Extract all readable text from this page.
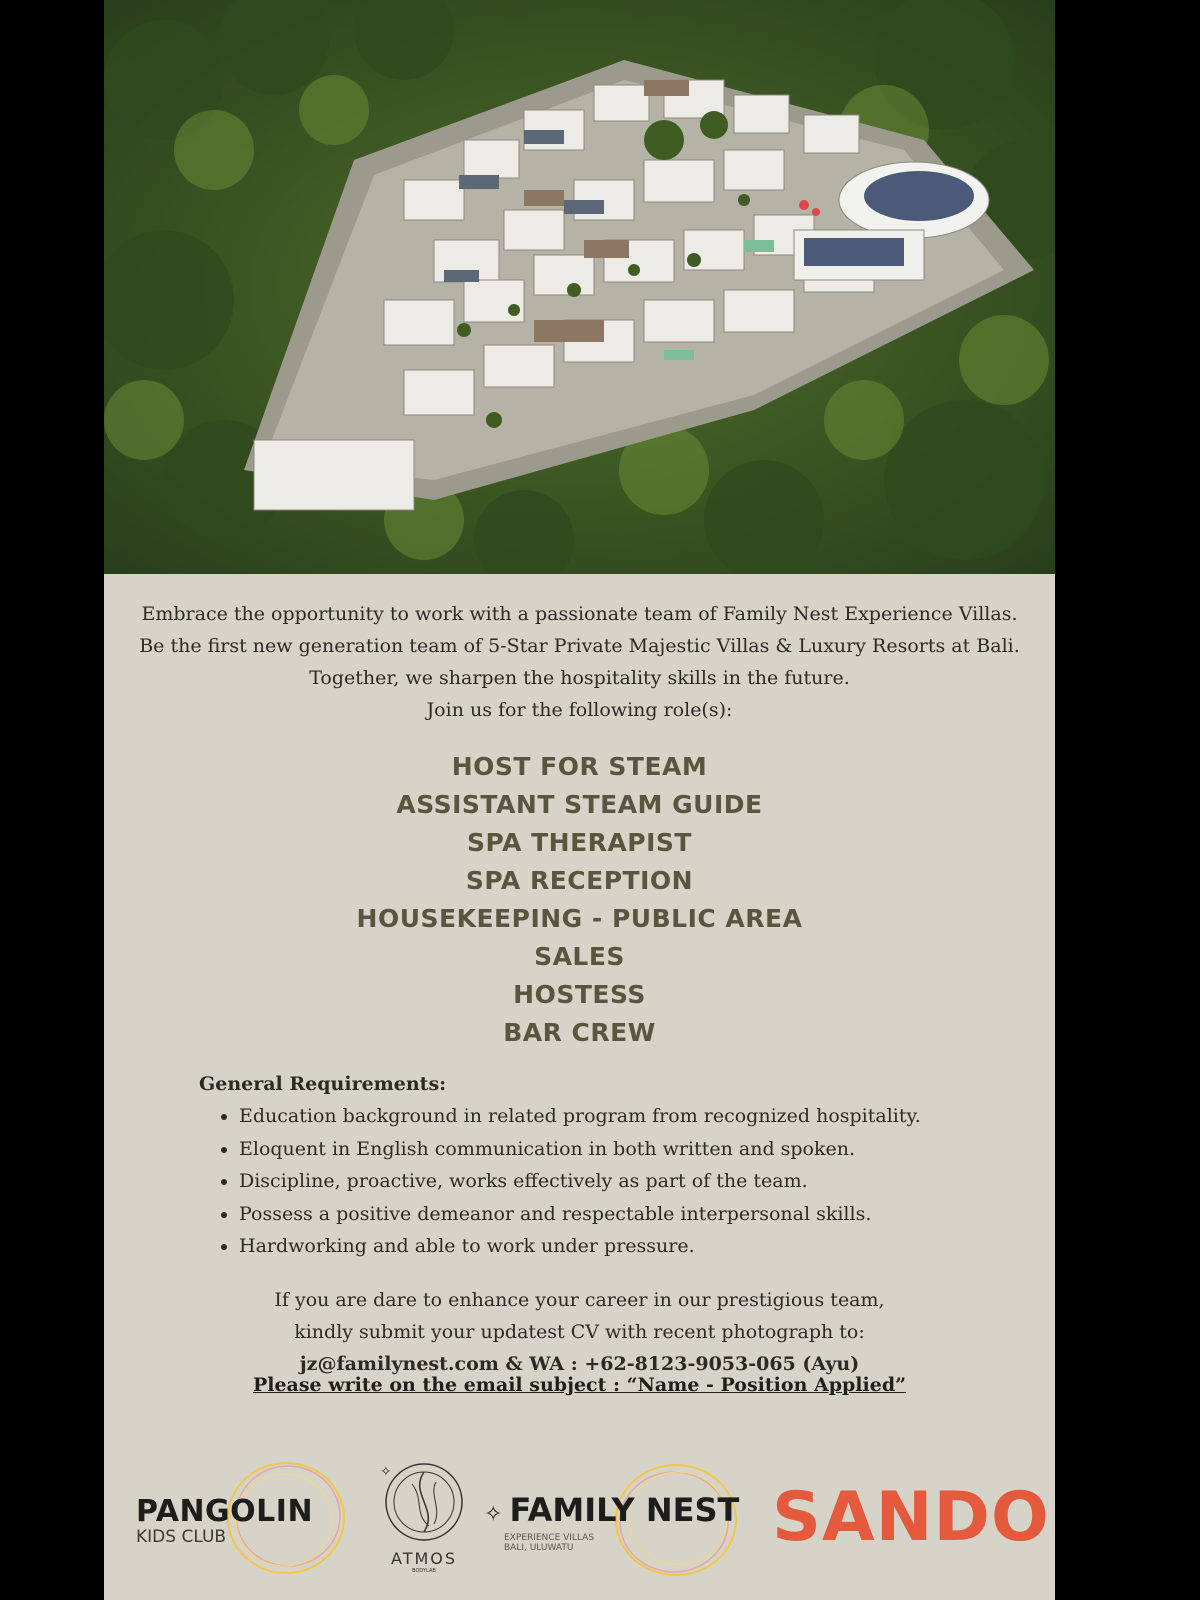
Embrace the opportunity to work with a passionate team of Family Nest Experience Villas.
Be the first new generation team of 5-Star Private Majestic Villas & Luxury Resorts at Bali.
Together, we sharpen the hospitality skills in the future.
Join us for the following role(s):
HOST FOR STEAM
ASSISTANT STEAM GUIDE
SPA THERAPIST
SPA RECEPTION
HOUSEKEEPING - PUBLIC AREA
SALES
HOSTESS
BAR CREW
General Requirements:
• Education background in related program from recognized hospitality.
• Eloquent in English communication in both written and spoken.
• Discipline, proactive, works effectively as part of the team.
• Possess a positive demeanor and respectable interpersonal skills.
• Hardworking and able to work under pressure.
If you are dare to enhance your career in our prestigious team,
kindly submit your updatest CV with recent photograph to:
jz@familynest.com & WA : +62-8123-9053-065 (Ayu)
Please write on the email subject : “Name - Position Applied”
PANGOLIN
KIDS CLUB
✧
ATMOS
BODYLAB
✧ FAMILY NEST
EXPERIENCE VILLAS
BALI, ULUWATU	SANDO
